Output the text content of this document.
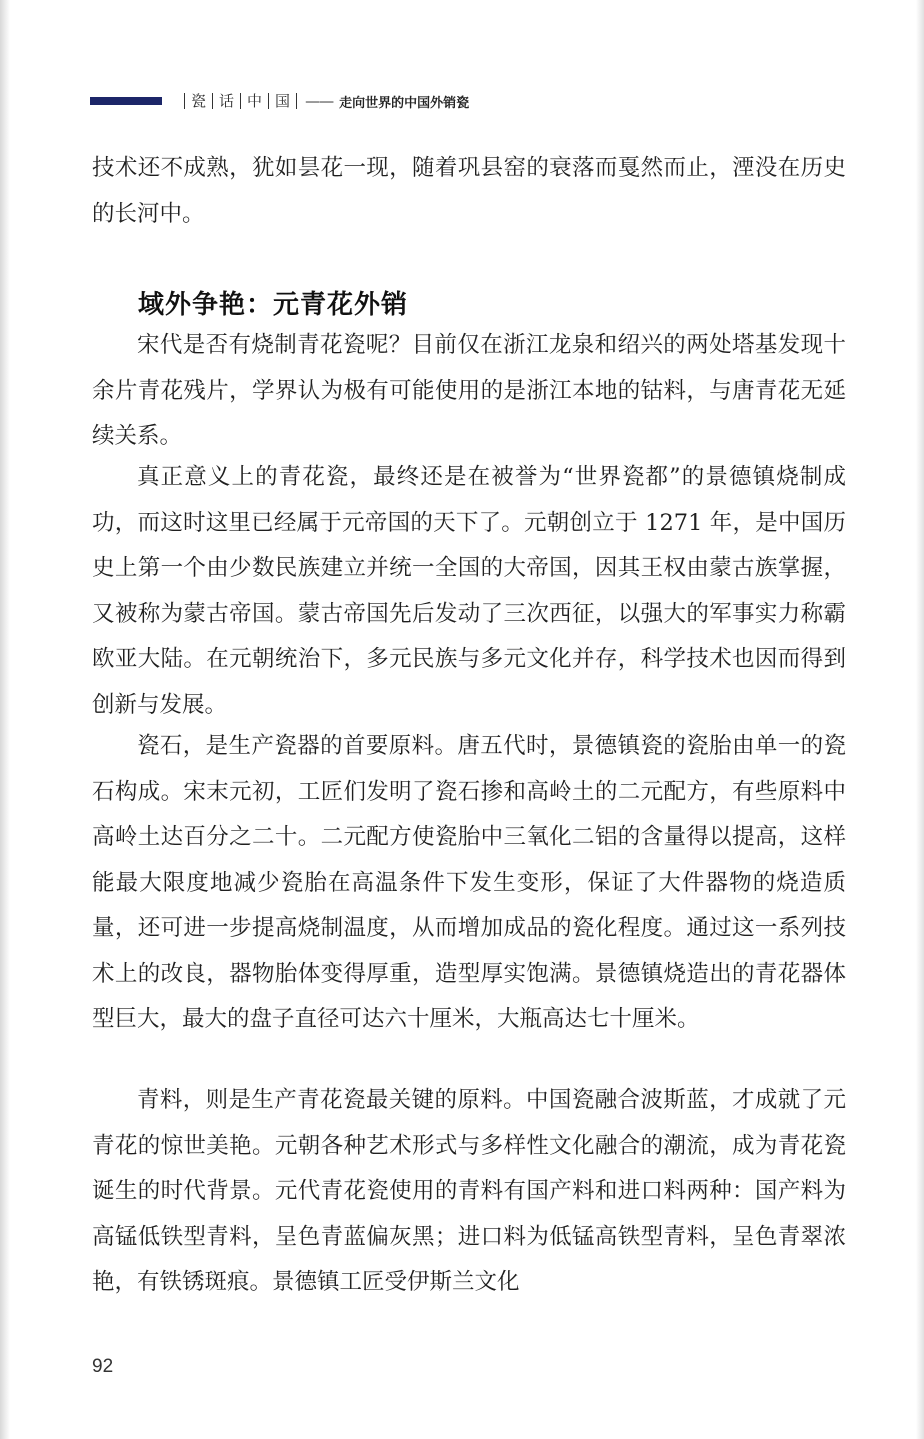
瓷 话 中 国	—— 走向世界的中国外销瓷

技术还不成熟，犹如昙花一现，随着巩县窑的衰落而戛然而止，湮没在历史的长河中。

域外争艳：元青花外销

宋代是否有烧制青花瓷呢？目前仅在浙江龙泉和绍兴的两处塔基发现十余片青花残片，学界认为极有可能使用的是浙江本地的钴料，与唐青花无延续关系。

真正意义上的青花瓷，最终还是在被誉为“世界瓷都”的景德镇烧制成功，而这时这里已经属于元帝国的天下了。元朝创立于 1271 年，是中国历史上第一个由少数民族建立并统一全国的大帝国，因其王权由蒙古族掌握，又被称为蒙古帝国。蒙古帝国先后发动了三次西征，以强大的军事实力称霸欧亚大陆。在元朝统治下，多元民族与多元文化并存，科学技术也因而得到创新与发展。

瓷石，是生产瓷器的首要原料。唐五代时，景德镇瓷的瓷胎由单一的瓷石构成。宋末元初，工匠们发明了瓷石掺和高岭土的二元配方，有些原料中高岭土达百分之二十。二元配方使瓷胎中三氧化二铝的含量得以提高，这样能最大限度地减少瓷胎在高温条件下发生变形，保证了大件器物的烧造质量，还可进一步提高烧制温度，从而增加成品的瓷化程度。通过这一系列技术上的改良，器物胎体变得厚重，造型厚实饱满。景德镇烧造出的青花器体型巨大，最大的盘子直径可达六十厘米，大瓶高达七十厘米。

青料，则是生产青花瓷最关键的原料。中国瓷融合波斯蓝，才成就了元青花的惊世美艳。元朝各种艺术形式与多样性文化融合的潮流，成为青花瓷诞生的时代背景。元代青花瓷使用的青料有国产料和进口料两种：国产料为高锰低铁型青料，呈色青蓝偏灰黑；进口料为低锰高铁型青料，呈色青翠浓艳，有铁锈斑痕。景德镇工匠受伊斯兰文化

92
